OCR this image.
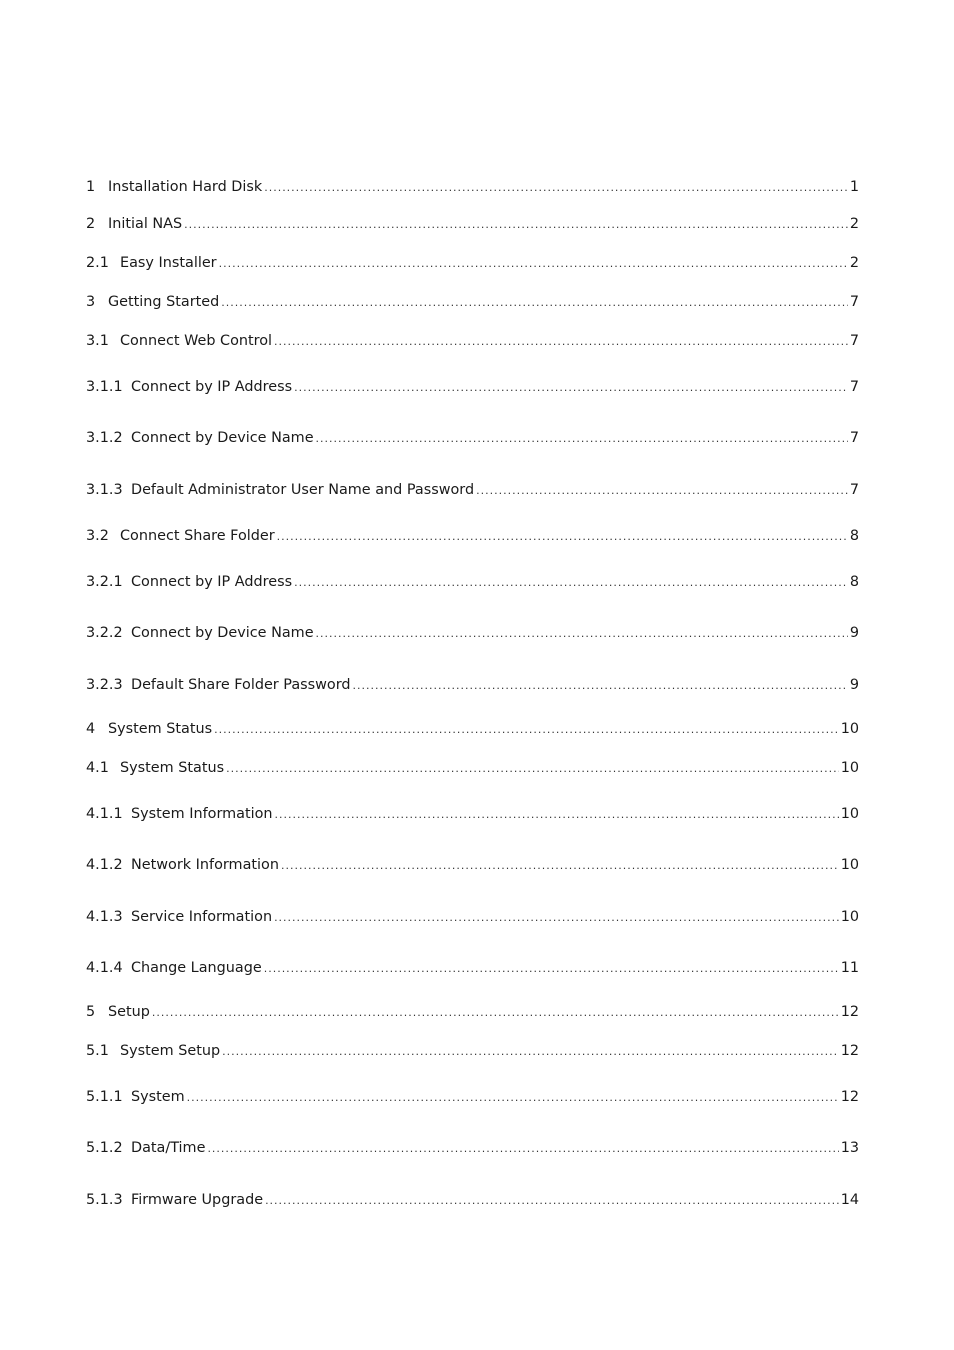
1 Installation Hard Disk .....	1
2 Initial NAS .....	2
2.1 Easy Installer .....	2
3 Getting Started .....	7
3.1 Connect Web Control .....	7
3.1.1 Connect by IP Address .....	7
3.1.2 Connect by Device Name .....	7
3.1.3 Default Administrator User Name and Password .....	7
3.2 Connect Share Folder .....	8
3.2.1 Connect by IP Address .....	8
3.2.2 Connect by Device Name .....	9
3.2.3 Default Share Folder Password .....	9
4 System Status .....	10
4.1 System Status .....	10
4.1.1 System Information .....	10
4.1.2 Network Information .....	10
4.1.3 Service Information .....	10
4.1.4 Change Language .....	11
5 Setup .....	12
5.1 System Setup .....	12
5.1.1 System .....	12
5.1.2 Data/Time .....	13
5.1.3 Firmware Upgrade .....	14
